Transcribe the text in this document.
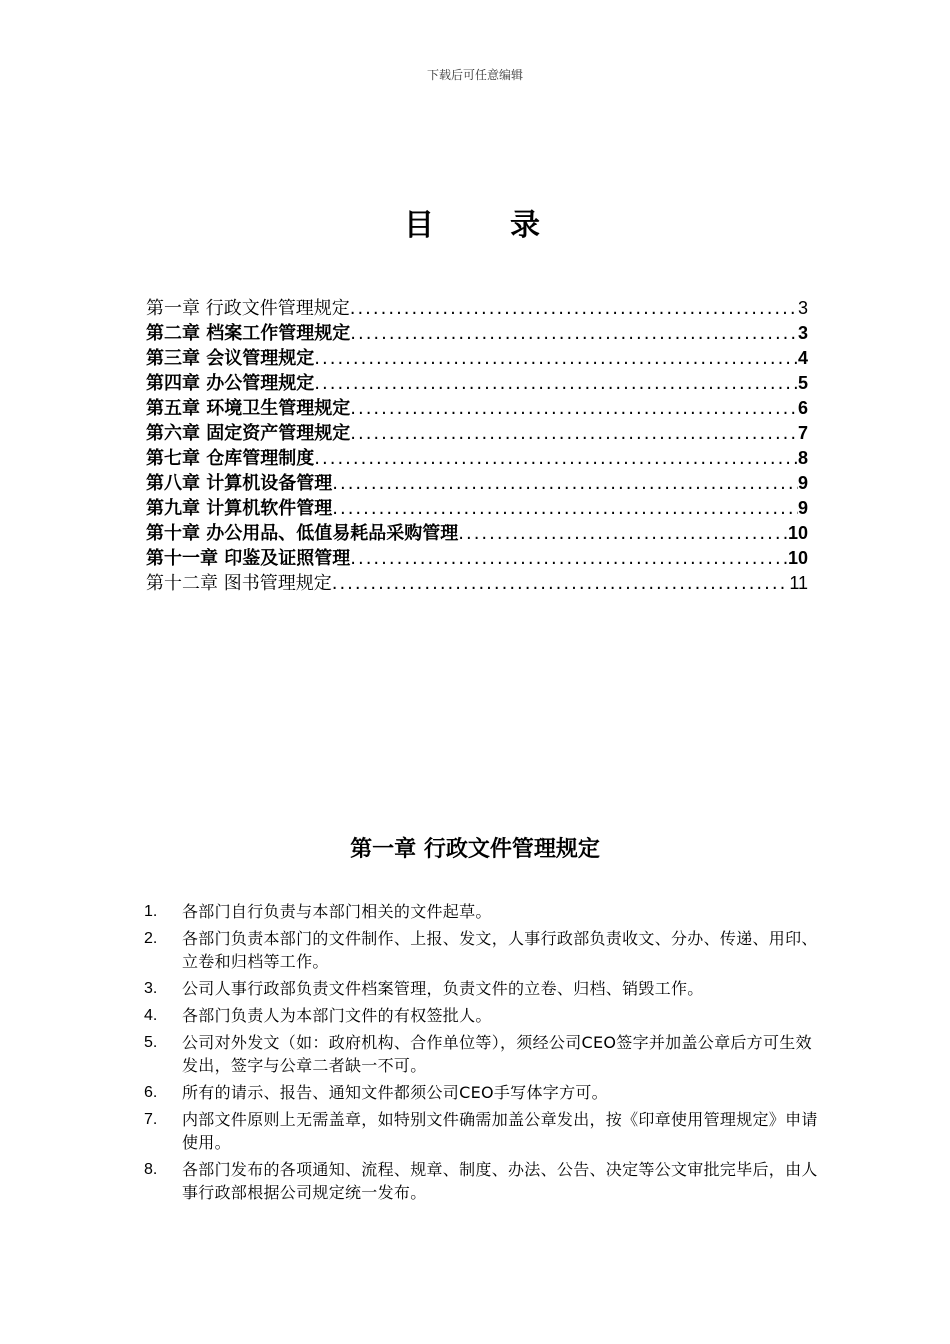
下载后可任意编辑
目 录
第一章 行政文件管理规定 .....	3
第二章 档案工作管理规定 .....	3
第三章 会议管理规定 .....	4
第四章 办公管理规定 .....	5
第五章 环境卫生管理规定 .....	6
第六章 固定资产管理规定 .....	7
第七章 仓库管理制度 .....	8
第八章 计算机设备管理 .....	9
第九章 计算机软件管理 .....	9
第十章 办公用品、低值易耗品采购管理 .....	10
第十一章 印鉴及证照管理 .....	10
第十二章 图书管理规定 .....	11
第一章 行政文件管理规定
1.	各部门自行负责与本部门相关的文件起草。
2.	各部门负责本部门的文件制作、上报、发文，人事行政部负责收文、分办、传递、用印、立卷和归档等工作。
3.	公司人事行政部负责文件档案管理，负责文件的立卷、归档、销毁工作。
4.	各部门负责人为本部门文件的有权签批人。
5.	公司对外发文（如：政府机构、合作单位等），须经公司CEO签字并加盖公章后方可生效发出，签字与公章二者缺一不可。
6.	所有的请示、报告、通知文件都须公司CEO手写体字方可。
7.	内部文件原则上无需盖章，如特别文件确需加盖公章发出，按《印章使用管理规定》申请使用。
8.	各部门发布的各项通知、流程、规章、制度、办法、公告、决定等公文审批完毕后，由人事行政部根据公司规定统一发布。
